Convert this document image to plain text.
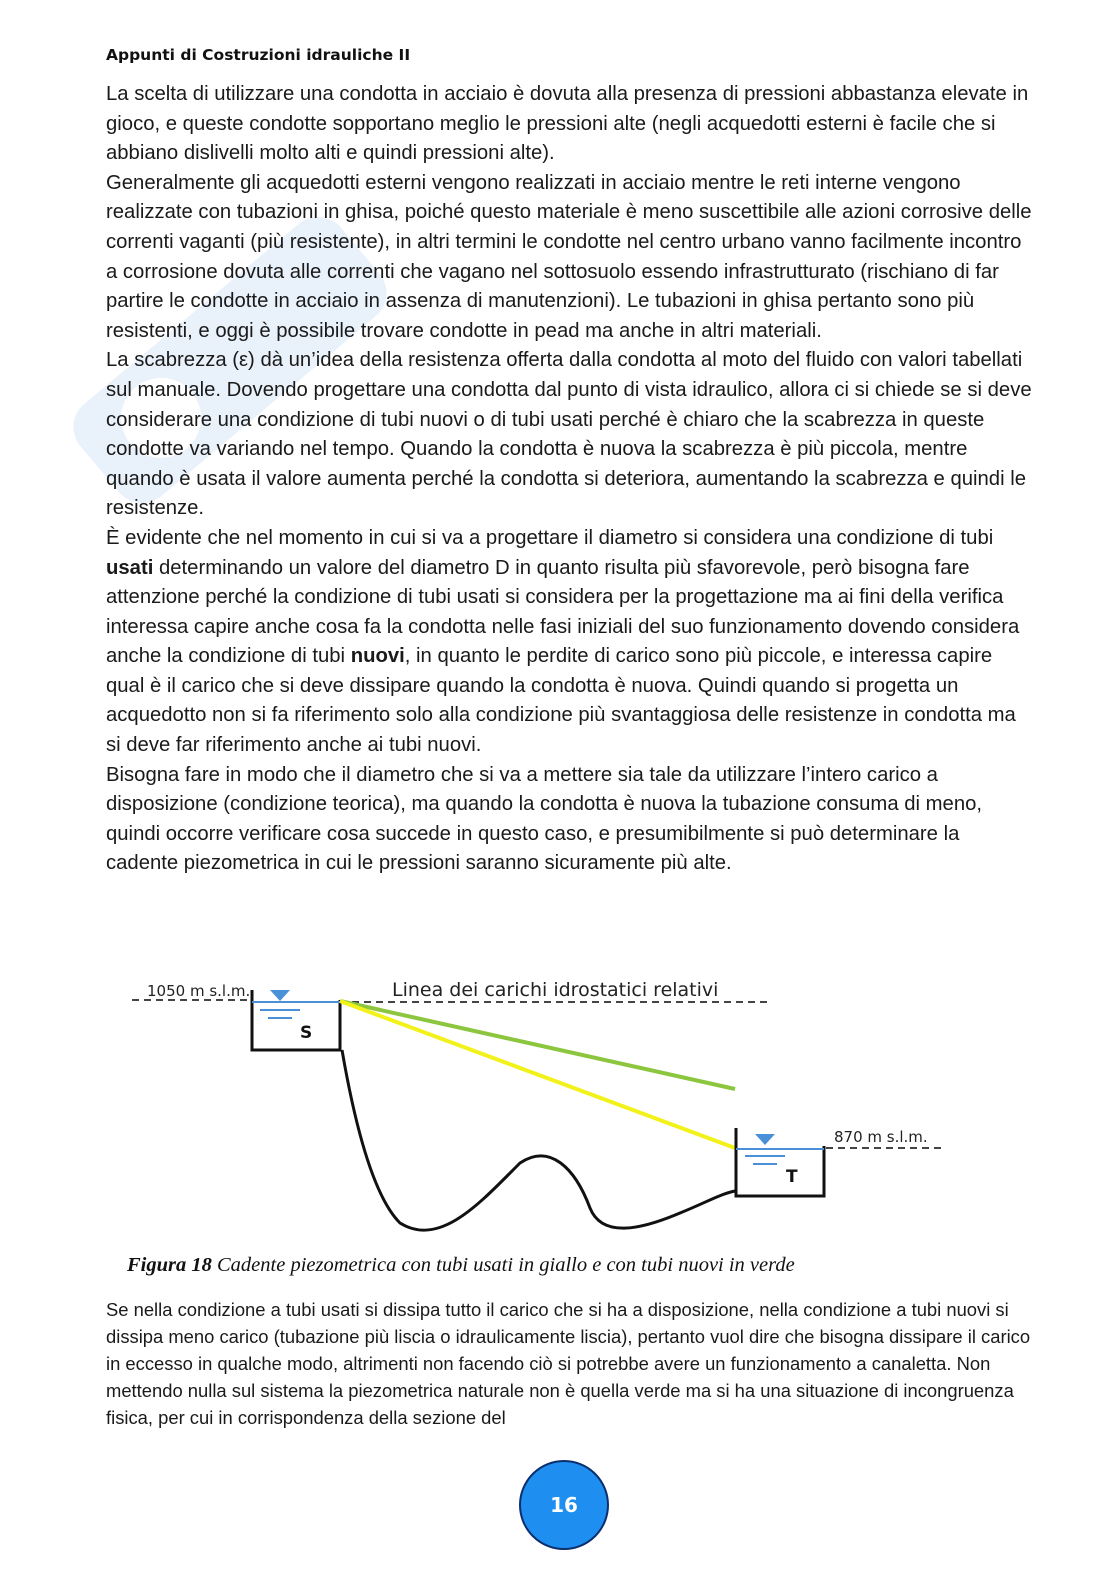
Appunti di Costruzioni idrauliche II

La scelta di utilizzare una condotta in acciaio è dovuta alla presenza di pressioni abbastanza elevate in gioco, e queste condotte sopportano meglio le pressioni alte (negli acquedotti esterni è facile che si abbiano dislivelli molto alti e quindi pressioni alte).

Generalmente gli acquedotti esterni vengono realizzati in acciaio mentre le reti interne vengono realizzate con tubazioni in ghisa, poiché questo materiale è meno suscettibile alle azioni corrosive delle correnti vaganti (più resistente), in altri termini le condotte nel centro urbano vanno facilmente incontro a corrosione dovuta alle correnti che vagano nel sottosuolo essendo infrastrutturato (rischiano di far partire le condotte in acciaio in assenza di manutenzioni). Le tubazioni in ghisa pertanto sono più resistenti, e oggi è possibile trovare condotte in pead ma anche in altri materiali.

La scabrezza (ε) dà un’idea della resistenza offerta dalla condotta al moto del fluido con valori tabellati sul manuale. Dovendo progettare una condotta dal punto di vista idraulico, allora ci si chiede se si deve considerare una condizione di tubi nuovi o di tubi usati perché è chiaro che la scabrezza in queste condotte va variando nel tempo. Quando la condotta è nuova la scabrezza è più piccola, mentre quando è usata il valore aumenta perché la condotta si deteriora, aumentando la scabrezza e quindi le resistenze.

È evidente che nel momento in cui si va a progettare il diametro si considera una condizione di tubi usati determinando un valore del diametro D in quanto risulta più sfavorevole, però bisogna fare attenzione perché la condizione di tubi usati si considera per la progettazione ma ai fini della verifica interessa capire anche cosa fa la condotta nelle fasi iniziali del suo funzionamento dovendo considera anche la condizione di tubi nuovi, in quanto le perdite di carico sono più piccole, e interessa capire qual è il carico che si deve dissipare quando la condotta è nuova. Quindi quando si progetta un acquedotto non si fa riferimento solo alla condizione più svantaggiosa delle resistenze in condotta ma si deve far riferimento anche ai tubi nuovi.

Bisogna fare in modo che il diametro che si va a mettere sia tale da utilizzare l’intero carico a disposizione (condizione teorica), ma quando la condotta è nuova la tubazione consuma di meno, quindi occorre verificare cosa succede in questo caso, e presumibilmente si può determinare la cadente piezometrica in cui le pressioni saranno sicuramente più alte.

1050 m s.l.m.	Linea dei carichi idrostatici relativi
S
T
870 m s.l.m.
Figura 18 Cadente piezometrica con tubi usati in giallo e con tubi nuovi in verde

Se nella condizione a tubi usati si dissipa tutto il carico che si ha a disposizione, nella condizione a tubi nuovi si dissipa meno carico (tubazione più liscia o idraulicamente liscia), pertanto vuol dire che bisogna dissipare il carico in eccesso in qualche modo, altrimenti non facendo ciò si potrebbe avere un funzionamento a canaletta. Non mettendo nulla sul sistema la piezometrica naturale non è quella verde ma si ha una situazione di incongruenza fisica, per cui in corrispondenza della sezione del

16
